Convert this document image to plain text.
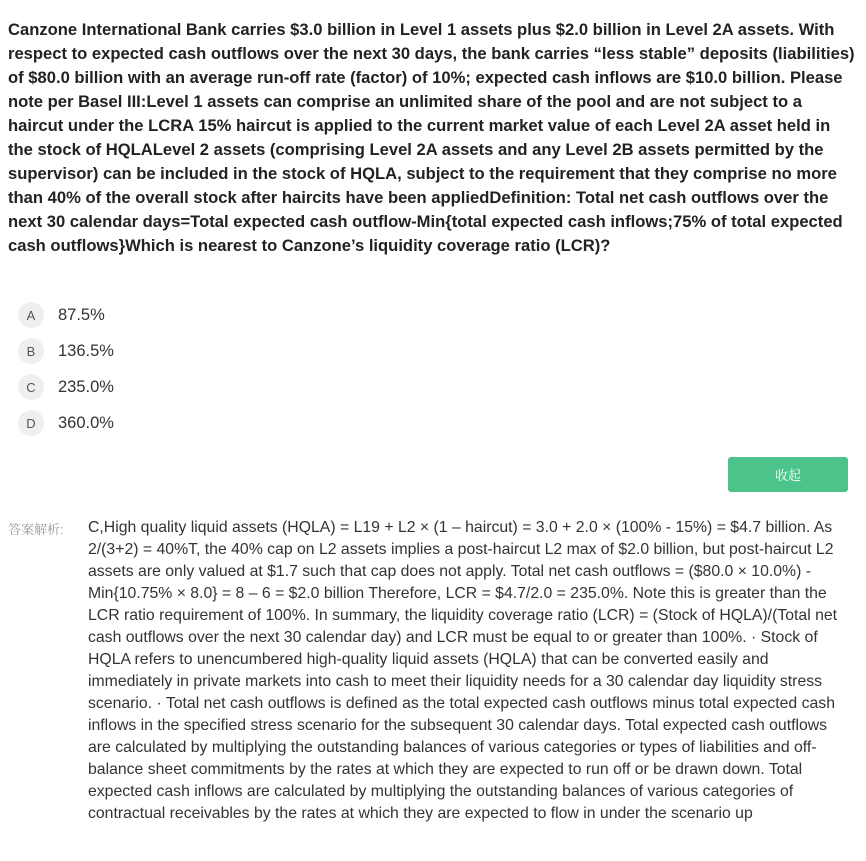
Canzone International Bank carries $3.0 billion in Level 1 assets plus $2.0 billion in Level 2A assets. With respect to expected cash outflows over the next 30 days, the bank carries “less stable” deposits (liabilities) of $80.0 billion with an average run-off rate (factor) of 10%; expected cash inflows are $10.0 billion. Please note per Basel III:Level 1 assets can comprise an unlimited share of the pool and are not subject to a haircut under the LCRA 15% haircut is applied to the current market value of each Level 2A asset held in the stock of HQLALevel 2 assets (comprising Level 2A assets and any Level 2B assets permitted by the supervisor) can be included in the stock of HQLA, subject to the requirement that they comprise no more than 40% of the overall stock after haircits have been appliedDefinition: Total net cash outflows over the next 30 calendar days=Total expected cash outflow-Min{total expected cash inflows;75% of total expected cash outflows}Which is nearest to Canzone’s liquidity coverage ratio (LCR)?
A	87.5%
B	136.5%
C	235.0%
D	360.0%
收起
答案解析: C,High quality liquid assets (HQLA) = L19 + L2 × (1 – haircut) = 3.0 + 2.0 × (100% - 15%) = $4.7 billion. As 2/(3+2) = 40%T, the 40% cap on L2 assets implies a post-haircut L2 max of $2.0 billion, but post-haircut L2 assets are only valued at $1.7 such that cap does not apply. Total net cash outflows = ($80.0 × 10.0%) - Min{10.75% × 8.0} = 8 – 6 = $2.0 billion Therefore, LCR = $4.7/2.0 = 235.0%. Note this is greater than the LCR ratio requirement of 100%. In summary, the liquidity coverage ratio (LCR) = (Stock of HQLA)/(Total net cash outflows over the next 30 calendar day) and LCR must be equal to or greater than 100%. · Stock of HQLA refers to unencumbered high-quality liquid assets (HQLA) that can be converted easily and immediately in private markets into cash to meet their liquidity needs for a 30 calendar day liquidity stress scenario. · Total net cash outflows is defined as the total expected cash outflows minus total expected cash inflows in the specified stress scenario for the subsequent 30 calendar days. Total expected cash outflows are calculated by multiplying the outstanding balances of various categories or types of liabilities and off-balance sheet commitments by the rates at which they are expected to run off or be drawn down. Total expected cash inflows are calculated by multiplying the outstanding balances of various categories of contractual receivables by the rates at which they are expected to flow in under the scenario up
